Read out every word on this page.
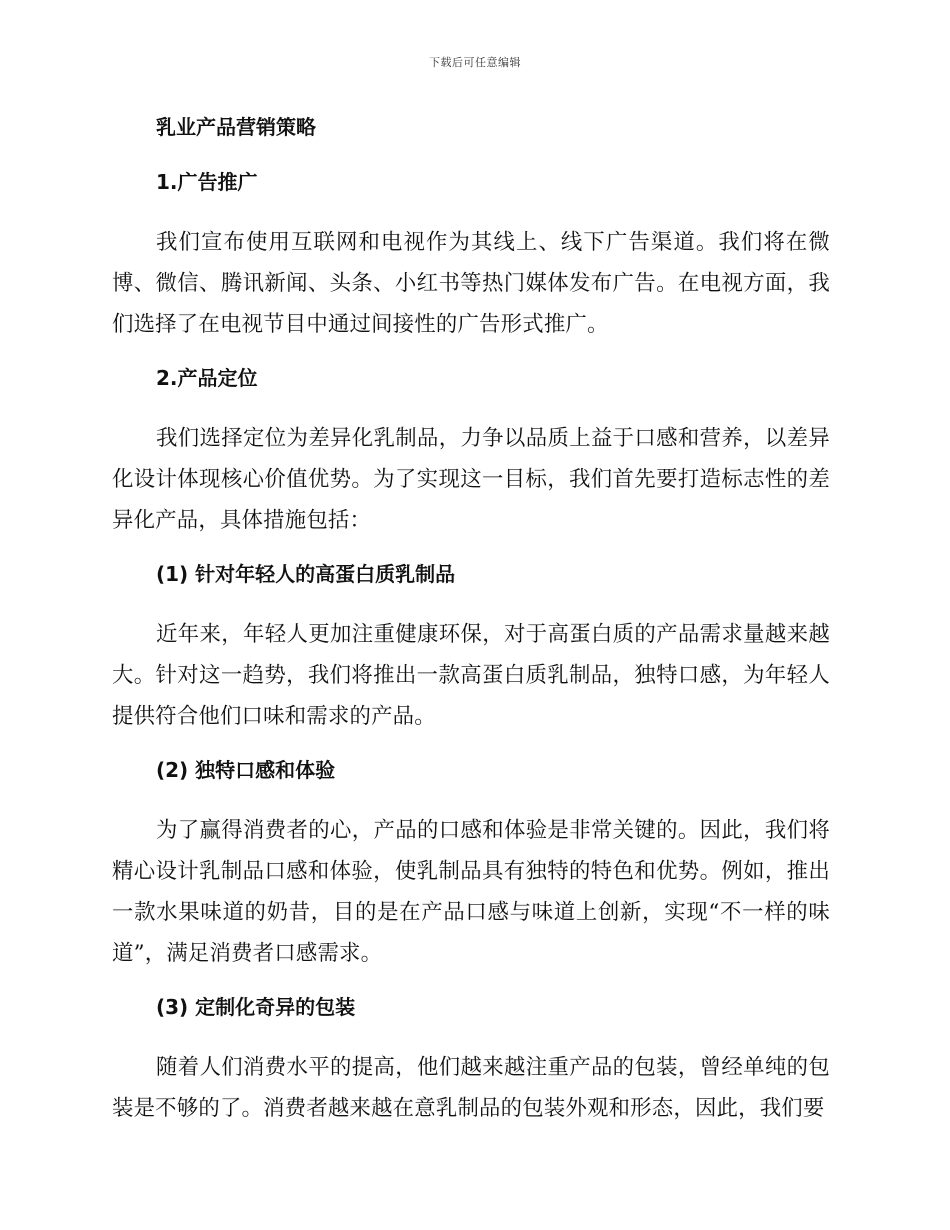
下载后可任意编辑
乳业产品营销策略
1.广告推广

我们宣布使用互联网和电视作为其线上、线下广告渠道。我们将在微博、微信、腾讯新闻、头条、小红书等热门媒体发布广告。在电视方面，我们选择了在电视节目中通过间接性的广告形式推广。

2.产品定位

我们选择定位为差异化乳制品，力争以品质上益于口感和营养，以差异化设计体现核心价值优势。为了实现这一目标，我们首先要打造标志性的差异化产品，具体措施包括：

(1) 针对年轻人的高蛋白质乳制品

近年来，年轻人更加注重健康环保，对于高蛋白质的产品需求量越来越大。针对这一趋势，我们将推出一款高蛋白质乳制品，独特口感，为年轻人提供符合他们口味和需求的产品。

(2) 独特口感和体验

为了赢得消费者的心，产品的口感和体验是非常关键的。因此，我们将精心设计乳制品口感和体验，使乳制品具有独特的特色和优势。例如，推出一款水果味道的奶昔，目的是在产品口感与味道上创新，实现“不一样的味道”，满足消费者口感需求。

(3) 定制化奇异的包装

随着人们消费水平的提高，他们越来越注重产品的包装，曾经单纯的包装是不够的了。消费者越来越在意乳制品的包装外观和形态，因此，我们要
